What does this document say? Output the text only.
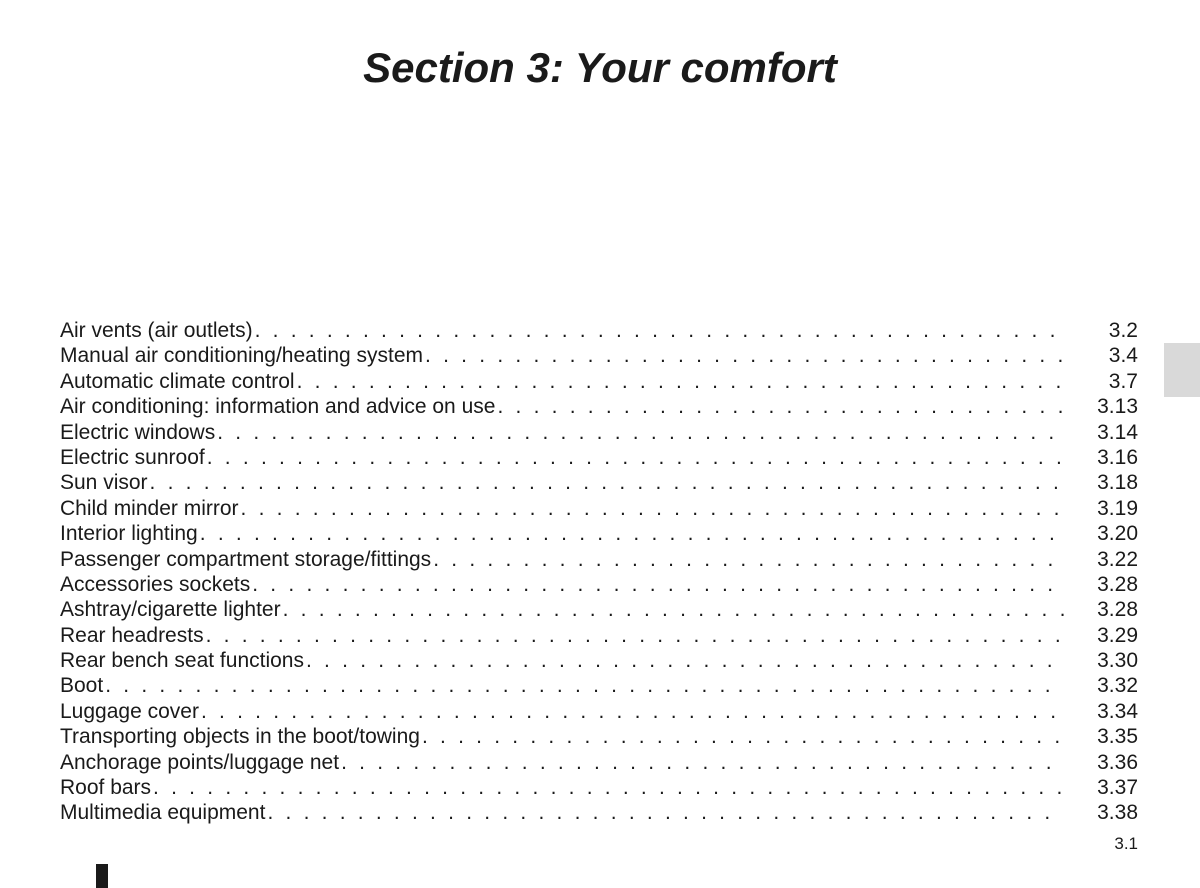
Section 3: Your comfort
Air vents (air outlets) . . .	3.2
Manual air conditioning/heating system . . .	3.4
Automatic climate control . . .	3.7
Air conditioning: information and advice on use . . .	3.13
Electric windows . . .	3.14
Electric sunroof . . .	3.16
Sun visor . . .	3.18
Child minder mirror . . .	3.19
Interior lighting . . .	3.20
Passenger compartment storage/fittings . . .	3.22
Accessories sockets . . .	3.28
Ashtray/cigarette lighter . . .	3.28
Rear headrests . . .	3.29
Rear bench seat functions . . .	3.30
Boot . . .	3.32
Luggage cover . . .	3.34
Transporting objects in the boot/towing . . .	3.35
Anchorage points/luggage net . . .	3.36
Roof bars . . .	3.37
Multimedia equipment . . .	3.38
3.1
